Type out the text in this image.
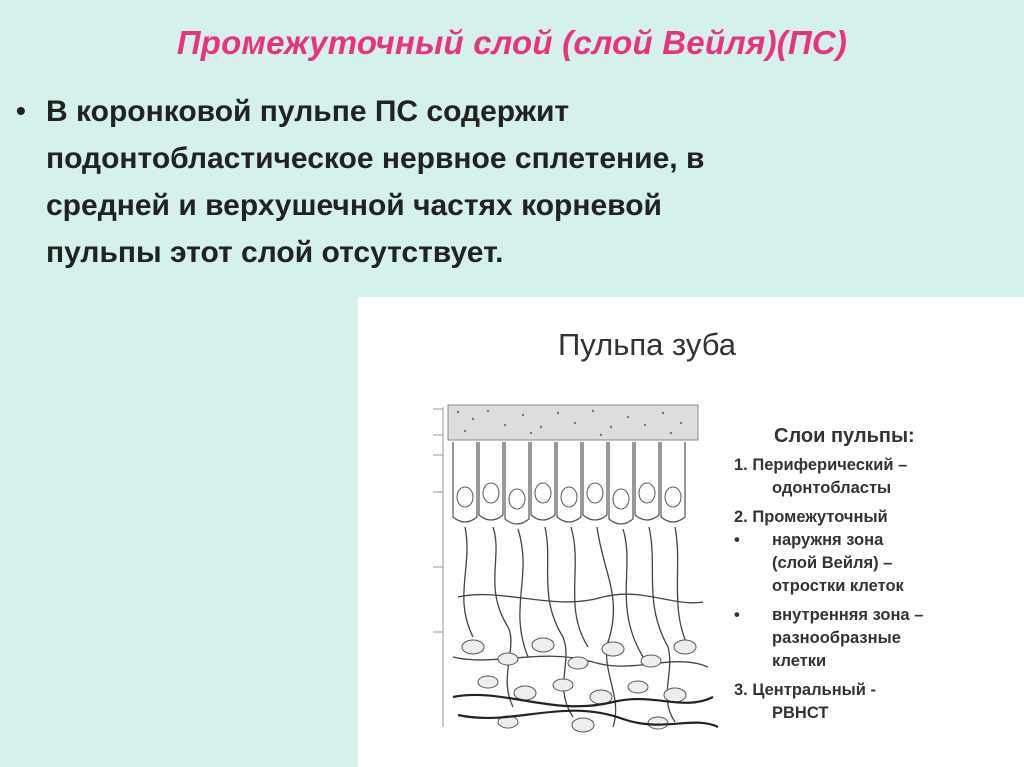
Промежуточный слой (слой Вейля)(ПС)
• В коронковой пульпе ПС содержит
подонтобластическое нервное сплетение, в
средней и верхушечной частях корневой
пульпы этот слой отсутствует.
Пульпа зуба
Слои пульпы:
1. Периферический –
одонтобласты
2. Промежуточный
• наружня зона
(слой Вейля) –
отростки клеток
• внутренняя зона –
разнообразные
клетки
3. Центральный -
РВНСТ
